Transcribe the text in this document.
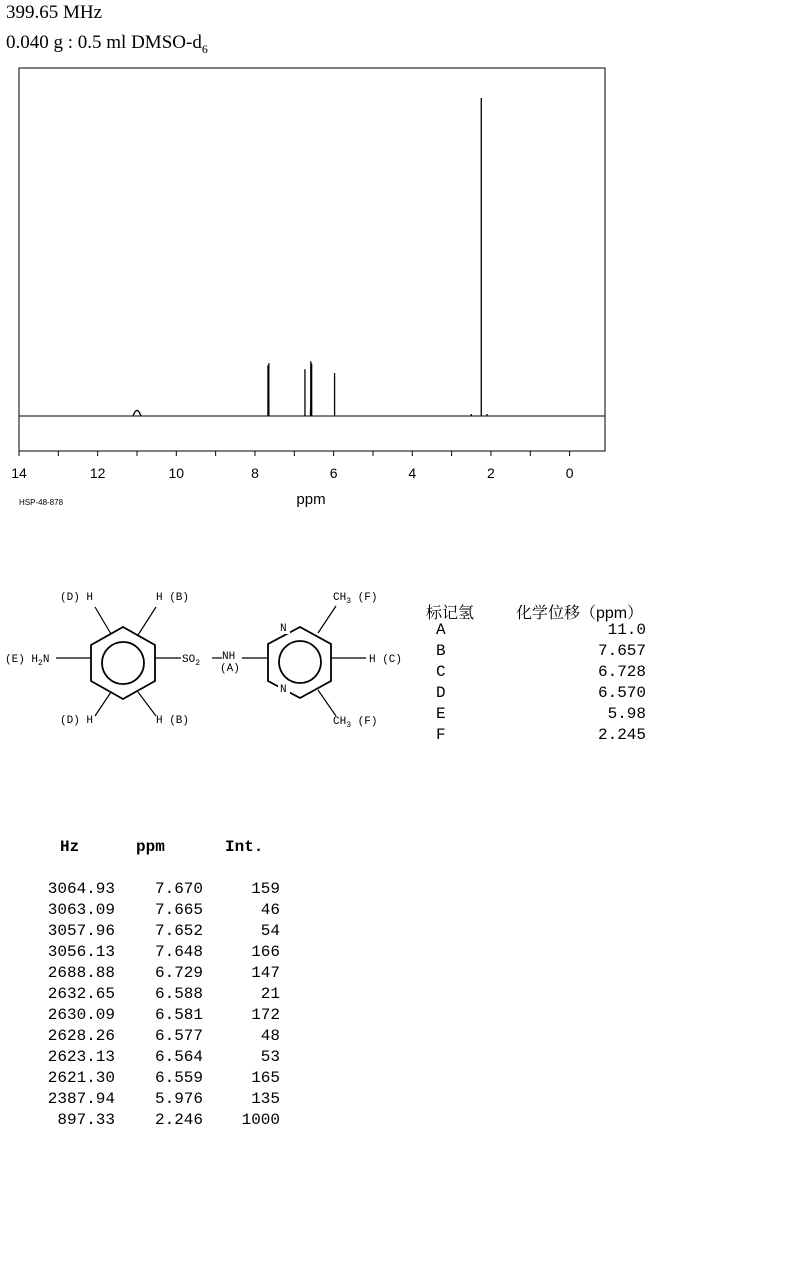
399.65 MHz
0.040 g : 0.5 ml DMSO-$d_6$
14	12	10	8	6	4	2	0
ppm
HSP-48-878
(D) H	H (B)	$CH_3$ (F)
(E) $H_2N$	$SO_2$
NH
(A)
N
N
H (C)
(D) H	H (B)	$CH_3$ (F)
标记氢	化学位移（ppm）
A	11.0
B	7.657
C	6.728
D	6.570
E	5.98
F	2.245
Hz	ppm	Int.
3064.93	7.670	159
3063.09	7.665	46
3057.96	7.652	54
3056.13	7.648	166
2688.88	6.729	147
2632.65	6.588	21
2630.09	6.581	172
2628.26	6.577	48
2623.13	6.564	53
2621.30	6.559	165
2387.94	5.976	135
897.33	2.246	1000
